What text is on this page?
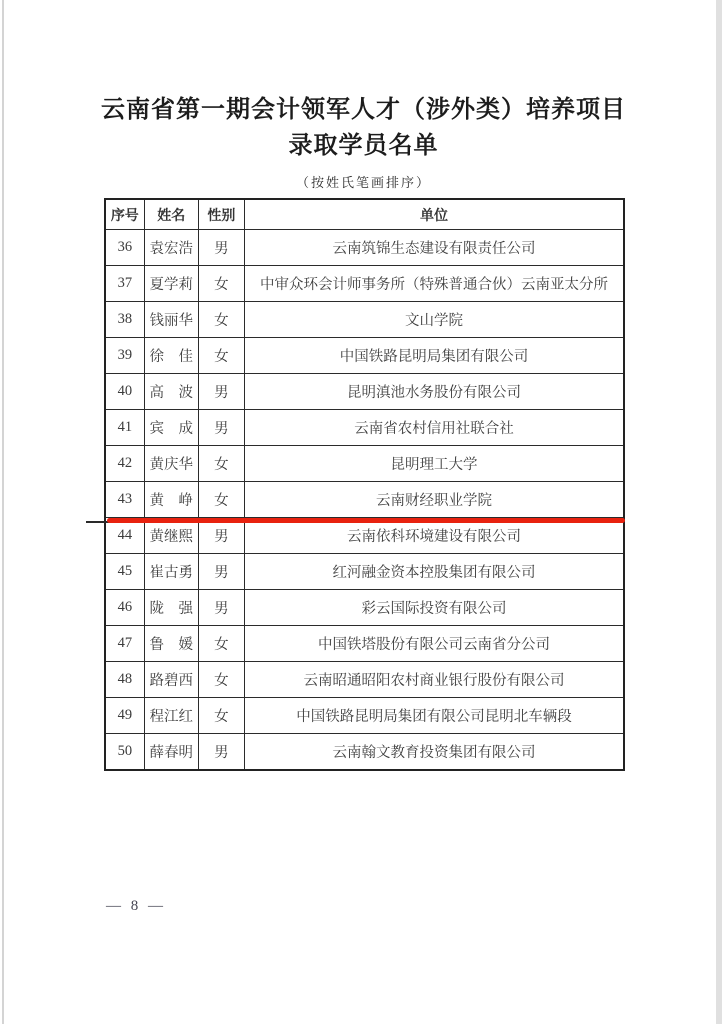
云南省第一期会计领军人才（涉外类）培养项目
录取学员名单
（按姓氏笔画排序）
序号	姓名	性别	单位
36	袁宏浩	男	云南筑锦生态建设有限责任公司
37	夏学莉	女	中审众环会计师事务所（特殊普通合伙）云南亚太分所
38	钱丽华	女	文山学院
39	徐　佳	女	中国铁路昆明局集团有限公司
40	高　波	男	昆明滇池水务股份有限公司
41	宾　成	男	云南省农村信用社联合社
42	黄庆华	女	昆明理工大学
43	黄　峥	女	云南财经职业学院
44	黄继熙	男	云南依科环境建设有限公司
45	崔古勇	男	红河融金资本控股集团有限公司
46	陇　强	男	彩云国际投资有限公司
47	鲁　媛	女	中国铁塔股份有限公司云南省分公司
48	路碧西	女	云南昭通昭阳农村商业银行股份有限公司
49	程江红	女	中国铁路昆明局集团有限公司昆明北车辆段
50	薛春明	男	云南翰文教育投资集团有限公司
— 8 —
